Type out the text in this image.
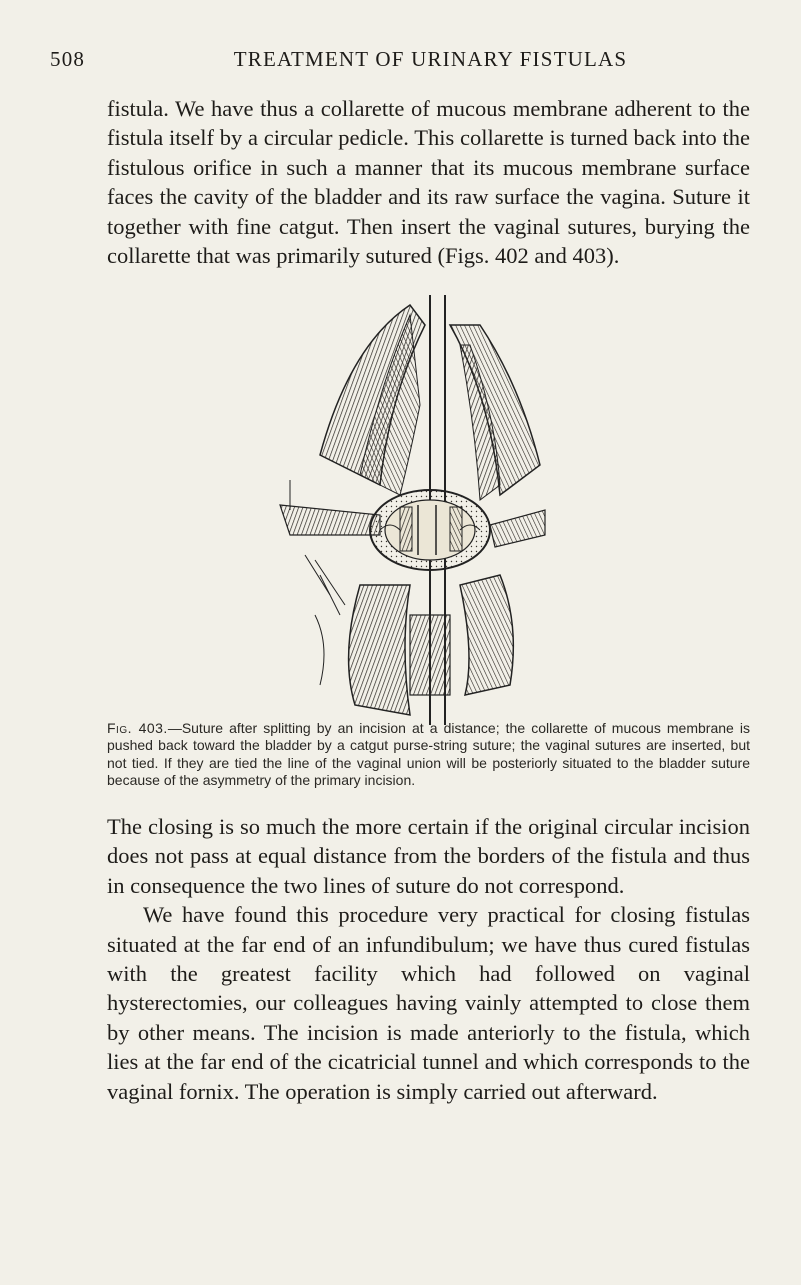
508	TREATMENT OF URINARY FISTULAS

fistula. We have thus a collarette of mucous membrane adherent to the fistula itself by a circular pedicle. This collarette is turned back into the fistulous orifice in such a manner that its mucous membrane surface faces the cavity of the bladder and its raw surface the vagina. Suture it together with fine catgut. Then insert the vaginal sutures, burying the collarette that was primarily sutured (Figs. 402 and 403).

Fig. 403.—Suture after splitting by an incision at a distance; the collarette of mucous membrane is pushed back toward the bladder by a catgut purse-string suture; the vaginal sutures are inserted, but not tied. If they are tied the line of the vaginal union will be posteriorly situated to the bladder suture because of the asymmetry of the primary incision.

The closing is so much the more certain if the original circular incision does not pass at equal distance from the borders of the fistula and thus in consequence the two lines of suture do not correspond.

We have found this procedure very practical for closing fistulas situated at the far end of an infundibulum; we have thus cured fistulas with the greatest facility which had followed on vaginal hysterectomies, our colleagues having vainly attempted to close them by other means. The incision is made anteriorly to the fistula, which lies at the far end of the cicatricial tunnel and which corresponds to the vaginal fornix. The operation is simply carried out afterward.
